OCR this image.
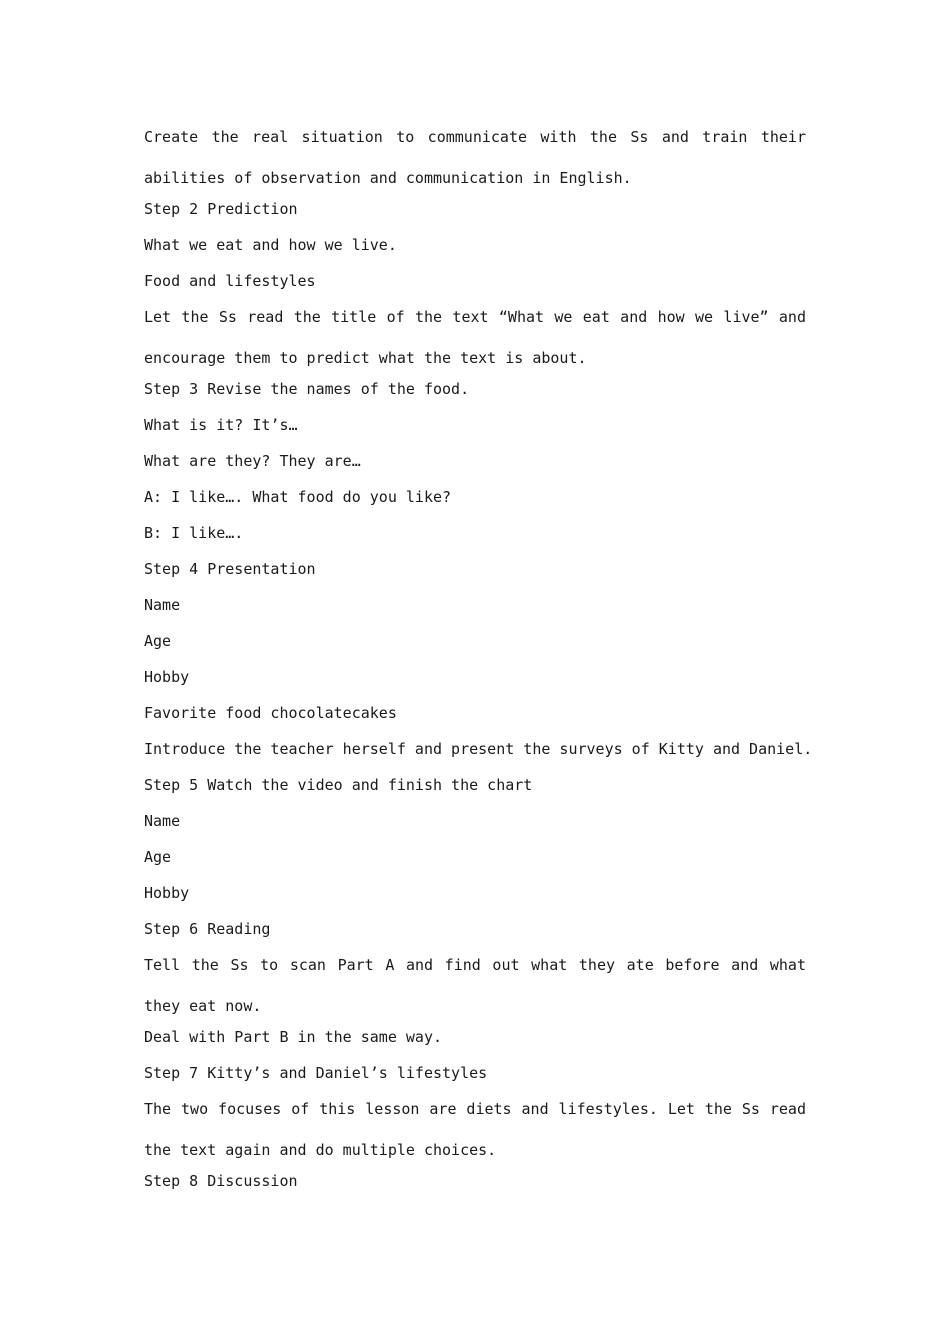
Create the real situation to communicate with the Ss and train their abilities of observation and communication in English.
Step 2 Prediction
What we eat and how we live.
Food and lifestyles
Let the Ss read the title of the text “What we eat and how we live” and encourage them to predict what the text is about.
Step 3 Revise the names of the food.
What is it? It’s…
What are they? They are…
A: I like…. What food do you like?
B: I like….
Step 4 Presentation
Name
Age
Hobby
Favorite food chocolatecakes
Introduce the teacher herself and present the surveys of Kitty and Daniel.
Step 5 Watch the video and finish the chart
Name
Age
Hobby
Step 6 Reading
Tell the Ss to scan Part A and find out what they ate before and what they eat now.
Deal with Part B in the same way.
Step 7 Kitty’s and Daniel’s lifestyles
The two focuses of this lesson are diets and lifestyles. Let the Ss read the text again and do multiple choices.
Step 8 Discussion
